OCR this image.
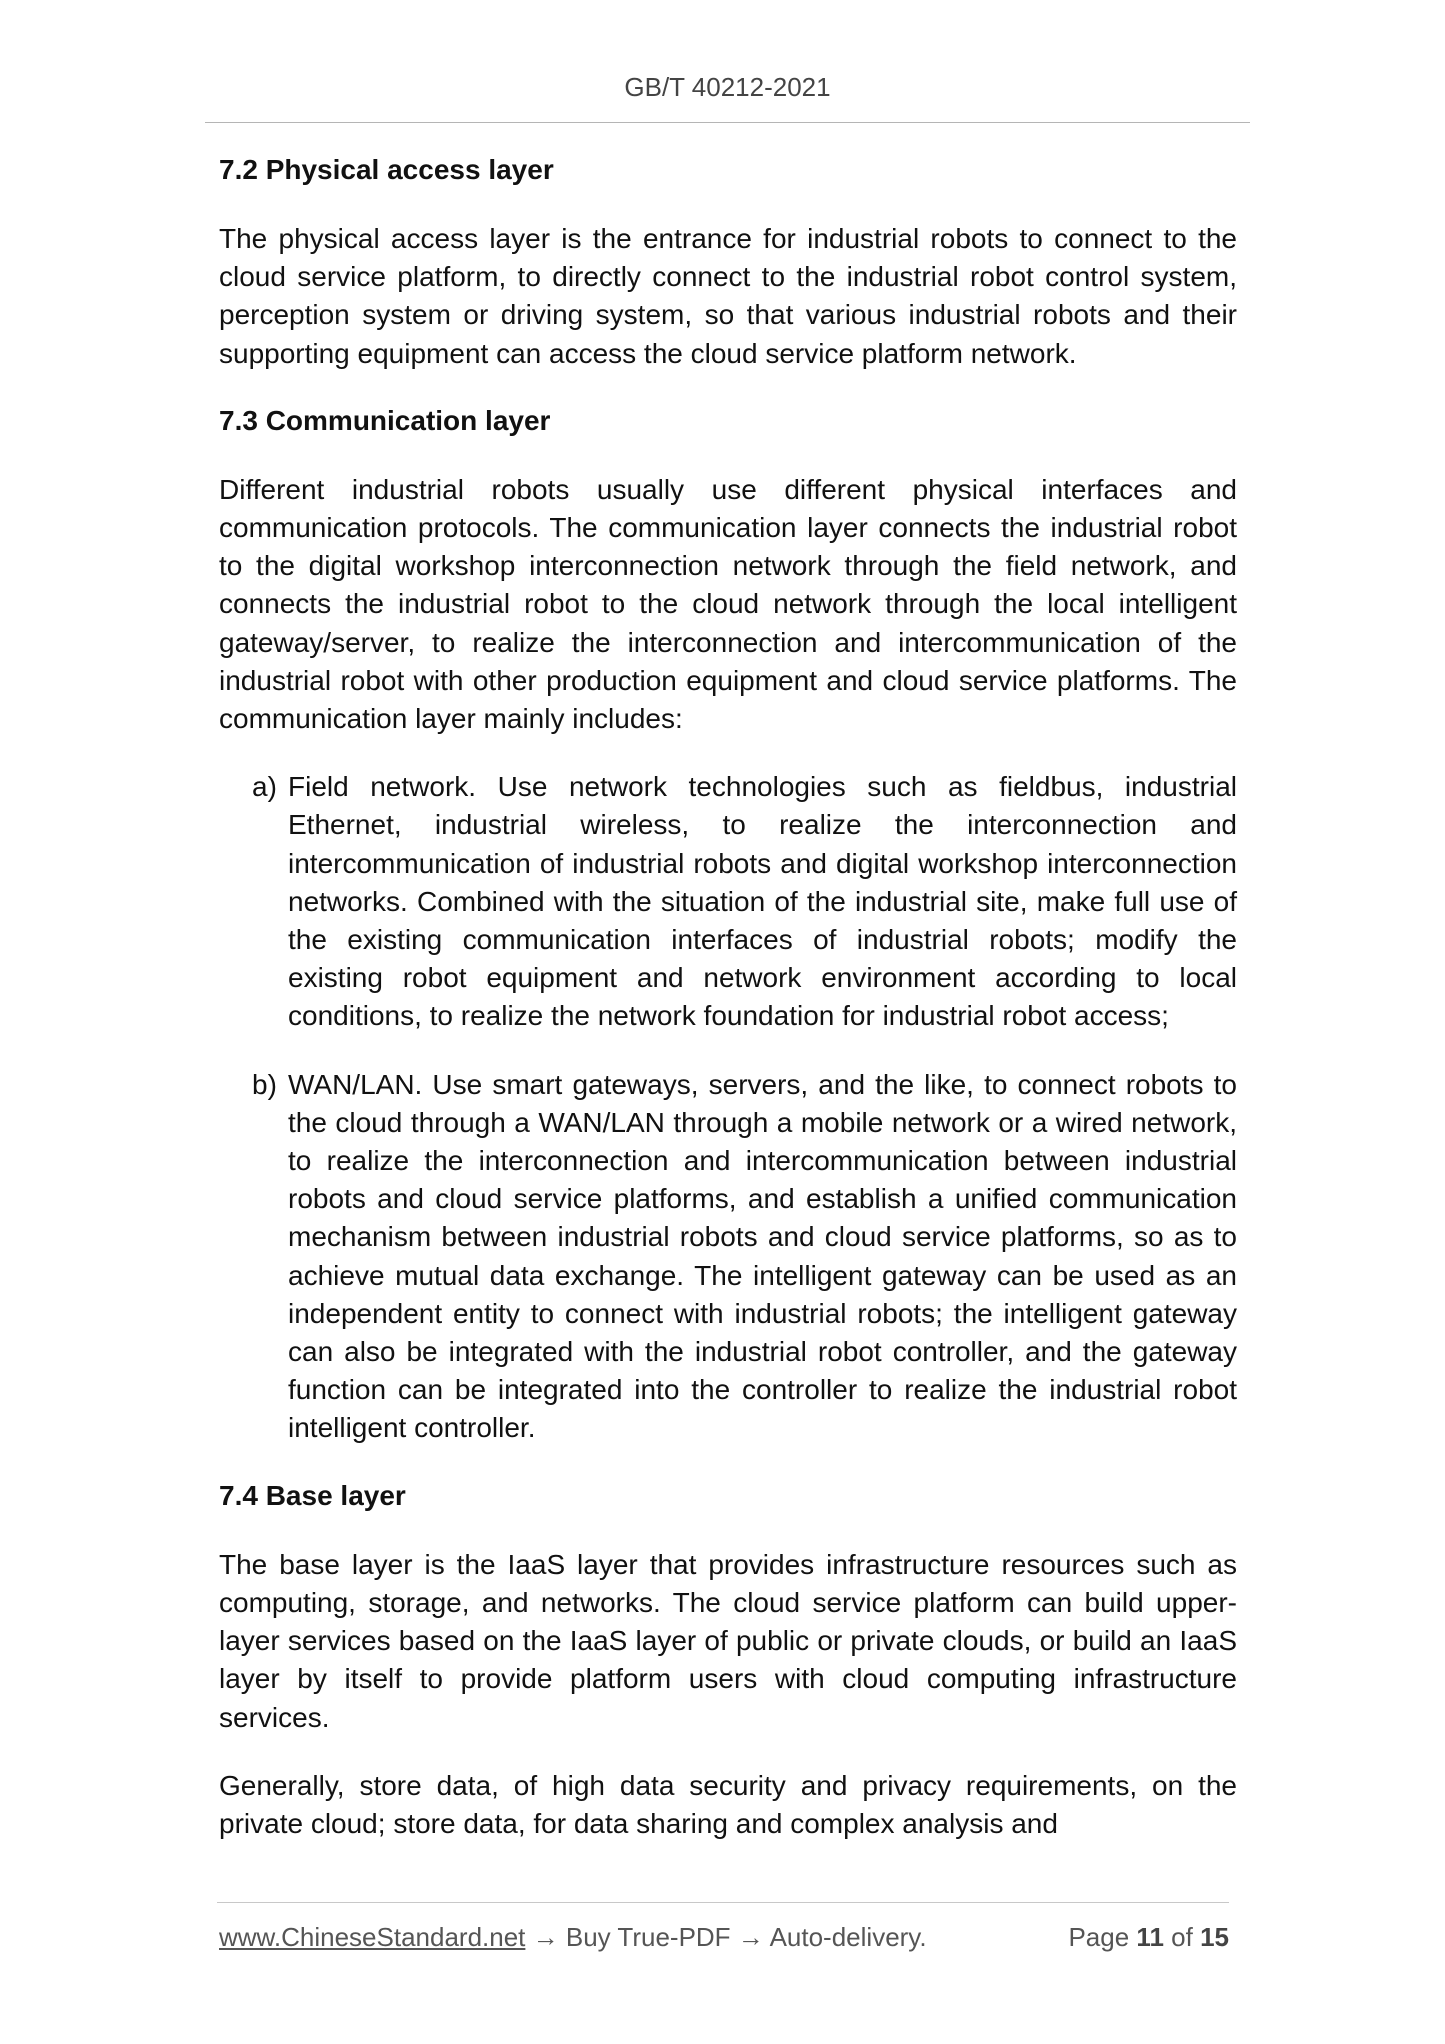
GB/T 40212-2021
7.2 Physical access layer
The physical access layer is the entrance for industrial robots to connect to the cloud service platform, to directly connect to the industrial robot control system, perception system or driving system, so that various industrial robots and their supporting equipment can access the cloud service platform network.
7.3 Communication layer
Different industrial robots usually use different physical interfaces and communication protocols. The communication layer connects the industrial robot to the digital workshop interconnection network through the field network, and connects the industrial robot to the cloud network through the local intelligent gateway/server, to realize the interconnection and intercommunication of the industrial robot with other production equipment and cloud service platforms. The communication layer mainly includes:
a) Field network. Use network technologies such as fieldbus, industrial Ethernet, industrial wireless, to realize the interconnection and intercommunication of industrial robots and digital workshop interconnection networks. Combined with the situation of the industrial site, make full use of the existing communication interfaces of industrial robots; modify the existing robot equipment and network environment according to local conditions, to realize the network foundation for industrial robot access;
b) WAN/LAN. Use smart gateways, servers, and the like, to connect robots to the cloud through a WAN/LAN through a mobile network or a wired network, to realize the interconnection and intercommunication between industrial robots and cloud service platforms, and establish a unified communication mechanism between industrial robots and cloud service platforms, so as to achieve mutual data exchange. The intelligent gateway can be used as an independent entity to connect with industrial robots; the intelligent gateway can also be integrated with the industrial robot controller, and the gateway function can be integrated into the controller to realize the industrial robot intelligent controller.
7.4 Base layer
The base layer is the IaaS layer that provides infrastructure resources such as computing, storage, and networks. The cloud service platform can build upper-layer services based on the IaaS layer of public or private clouds, or build an IaaS layer by itself to provide platform users with cloud computing infrastructure services.
Generally, store data, of high data security and privacy requirements, on the private cloud; store data, for data sharing and complex analysis and
www.ChineseStandard.net → Buy True-PDF → Auto-delivery.	Page 11 of 15
